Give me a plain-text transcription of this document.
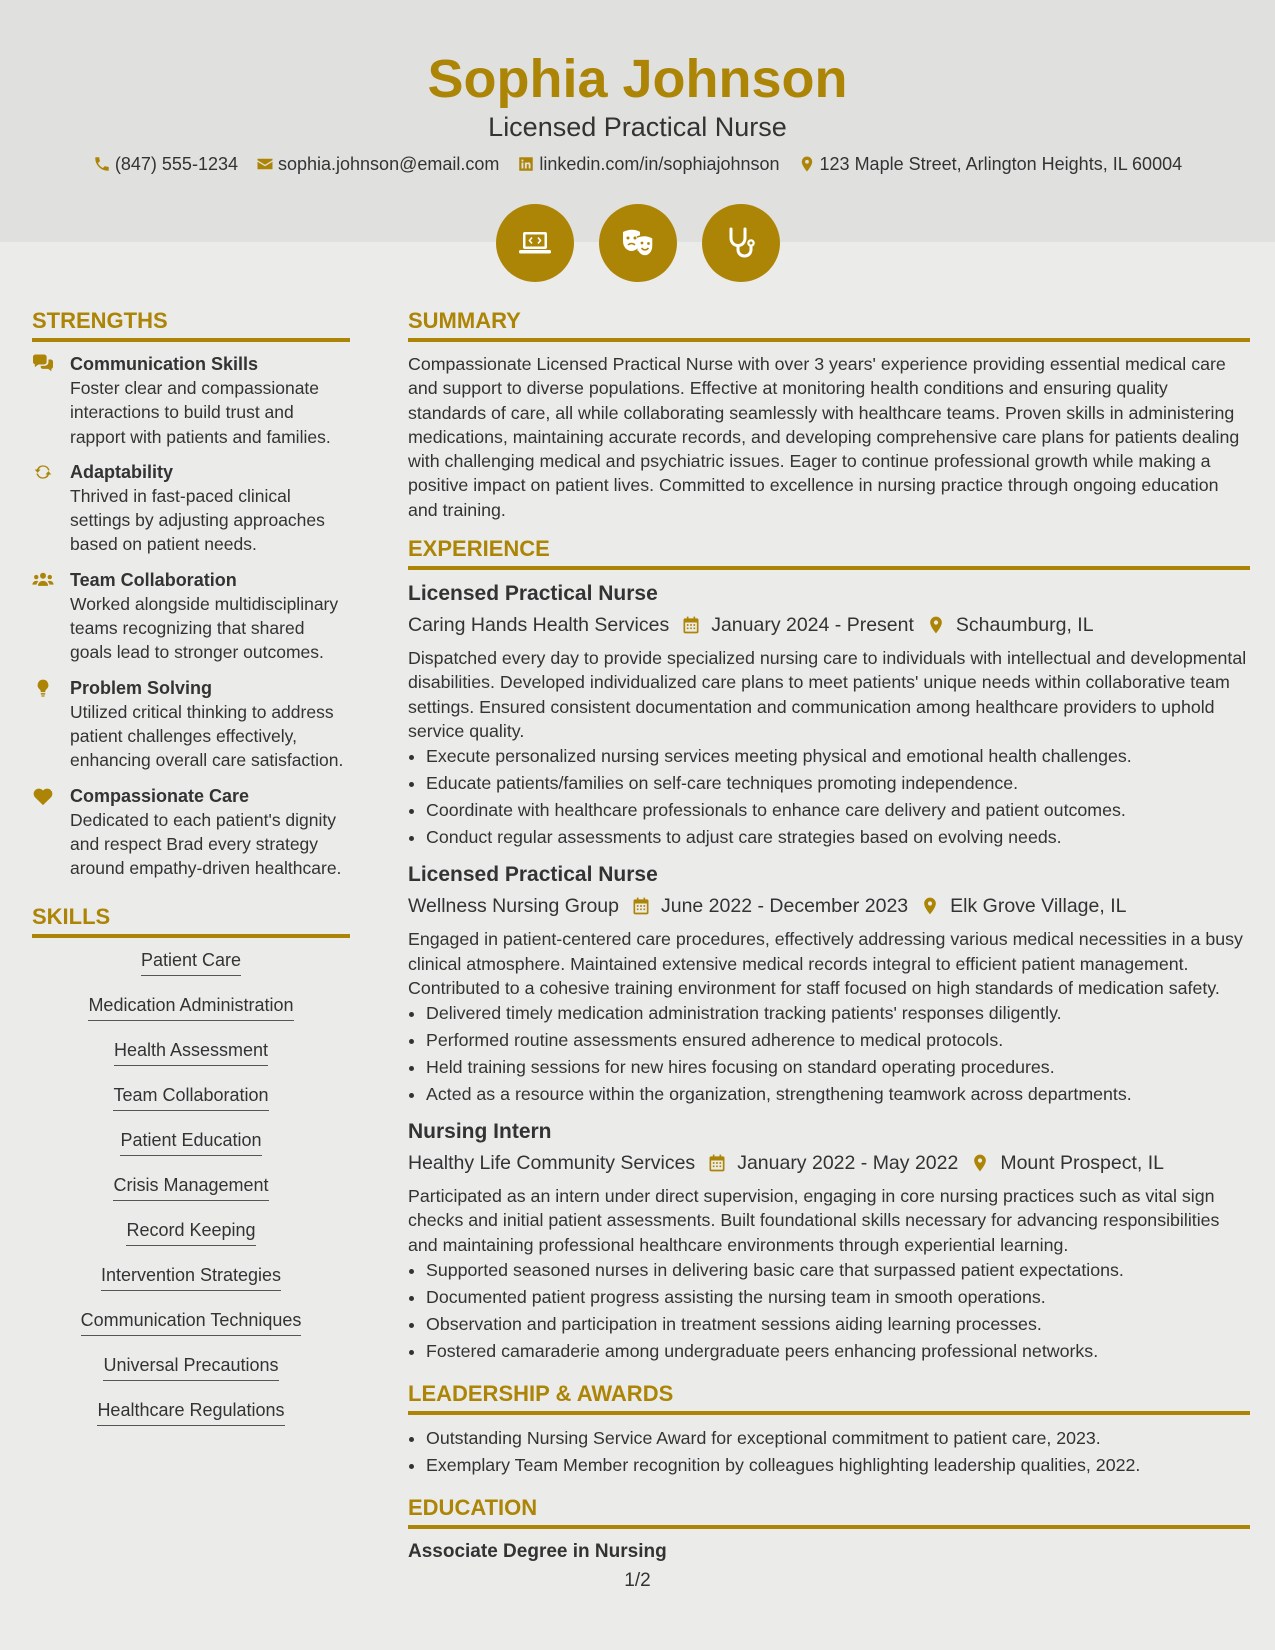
Sophia Johnson
Licensed Practical Nurse
(847) 555-1234 sophia.johnson@email.com linkedin.com/in/sophiajohnson 123 Maple Street, Arlington Heights, IL 60004
STRENGTHS
Communication Skills
Foster clear and compassionate interactions to build trust and rapport with patients and families.
Adaptability
Thrived in fast-paced clinical settings by adjusting approaches based on patient needs.
Team Collaboration
Worked alongside multidisciplinary teams recognizing that shared goals lead to stronger outcomes.
Problem Solving
Utilized critical thinking to address patient challenges effectively, enhancing overall care satisfaction.
Compassionate Care
Dedicated to each patient's dignity and respect Brad every strategy around empathy-driven healthcare.
SKILLS
Patient Care
Medication Administration
Health Assessment
Team Collaboration
Patient Education
Crisis Management
Record Keeping
Intervention Strategies
Communication Techniques
Universal Precautions
Healthcare Regulations
SUMMARY
Compassionate Licensed Practical Nurse with over 3 years' experience providing essential medical care and support to diverse populations. Effective at monitoring health conditions and ensuring quality standards of care, all while collaborating seamlessly with healthcare teams. Proven skills in administering medications, maintaining accurate records, and developing comprehensive care plans for patients dealing with challenging medical and psychiatric issues. Eager to continue professional growth while making a positive impact on patient lives. Committed to excellence in nursing practice through ongoing education and training.
EXPERIENCE
Licensed Practical Nurse
Caring Hands Health Services January 2024 - Present Schaumburg, IL
Dispatched every day to provide specialized nursing care to individuals with intellectual and developmental disabilities. Developed individualized care plans to meet patients' unique needs within collaborative team settings. Ensured consistent documentation and communication among healthcare providers to uphold service quality.
• Execute personalized nursing services meeting physical and emotional health challenges.
• Educate patients/families on self-care techniques promoting independence.
• Coordinate with healthcare professionals to enhance care delivery and patient outcomes.
• Conduct regular assessments to adjust care strategies based on evolving needs.
Licensed Practical Nurse
Wellness Nursing Group June 2022 - December 2023 Elk Grove Village, IL
Engaged in patient-centered care procedures, effectively addressing various medical necessities in a busy clinical atmosphere. Maintained extensive medical records integral to efficient patient management. Contributed to a cohesive training environment for staff focused on high standards of medication safety.
• Delivered timely medication administration tracking patients' responses diligently.
• Performed routine assessments ensured adherence to medical protocols.
• Held training sessions for new hires focusing on standard operating procedures.
• Acted as a resource within the organization, strengthening teamwork across departments.
Nursing Intern
Healthy Life Community Services January 2022 - May 2022 Mount Prospect, IL
Participated as an intern under direct supervision, engaging in core nursing practices such as vital sign checks and initial patient assessments. Built foundational skills necessary for advancing responsibilities and maintaining professional healthcare environments through experiential learning.
• Supported seasoned nurses in delivering basic care that surpassed patient expectations.
• Documented patient progress assisting the nursing team in smooth operations.
• Observation and participation in treatment sessions aiding learning processes.
• Fostered camaraderie among undergraduate peers enhancing professional networks.
LEADERSHIP & AWARDS
• Outstanding Nursing Service Award for exceptional commitment to patient care, 2023.
• Exemplary Team Member recognition by colleagues highlighting leadership qualities, 2022.
EDUCATION
Associate Degree in Nursing
1/2
